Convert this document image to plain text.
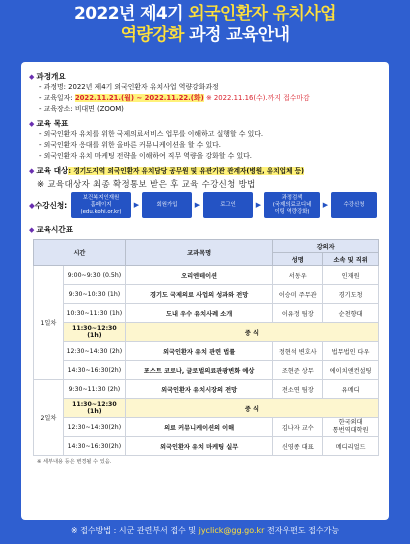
2022년 제4기 외국인환자 유치사업
역량강화 과정 교육안내
◆ 과정개요
- 과정명: 2022년 제4기 외국인환자 유치사업 역량강화과정
- 교육일자: 2022.11.21.(월) ~ 2022.11.22.(화) ※ 2022.11.16(수).까지 접수마감
- 교육장소: 비대면 (ZOOM)
◆ 교육 목표
- 외국인환자 유치를 위한 국제의료서비스 업무를 이해하고 실행할 수 있다.
- 외국인환자 응대를 위한 올바른 커뮤니케이션을 할 수 있다.
- 외국인환자 유치 마케팅 전략을 이해하여 직무 역량을 강화할 수 있다.
◆ 교육 대상: 경기도지역 외국인환자 유치담당 공무원 및 유관기관 관계자(병원, 유치업체 등)
※ 교육대상자 최종 확정통보 받은 후 교육 수강신청 방법
◆수강신청:
보건복지인재원
홈페이지
(edu.kohi.or.kr)
▶	회원가입	▶	로그인	▶
과정검색
(국제의료코디네
이팅 역량강화)
▶	수강신청
◆ 교육시간표
시간		교과목명	강의자	
			성명	소속 및 직위
1일차	9:00~9:30 (0.5h)	오리엔테이션	서동우	인재원
	9:30~10:30 (1h)	경기도 국제의료 사업의 성과와 전망	이승미 주무관	경기도청
	10:30~11:30 (1h)	도내 우수 유치사례 소개	이유정 팀장	순천향대
	11:30~12:30 (1h)	중 식		
	12:30~14:30 (2h)	외국인환자 유치 관련 법률	정현석 변호사	법무법인 다우
	14:30~16:30(2h)	포스트 코로나, 글로벌의료관광변화 예상	조현준 상무	에이치앤컨설팅
2일차	9:30~11:30 (2h)	외국인환자 유치시장의 전망	전소연 팀장	유메디
	11:30~12:30 (1h)	중 식		
	12:30~14:30(2h)	의료 커뮤니케이션의 이해	김나자 교수	한국외대
통번역대학원
	14:30~16:30(2h)	외국인환자 유치 마케팅 실무	신영종 대표	메디리얼드
※ 세부내용 등은 변경될 수 있음.
※ 접수방법 : 시군 관련부서 접수 및 jyclick@gg.go.kr 전자우편도 접수가능
